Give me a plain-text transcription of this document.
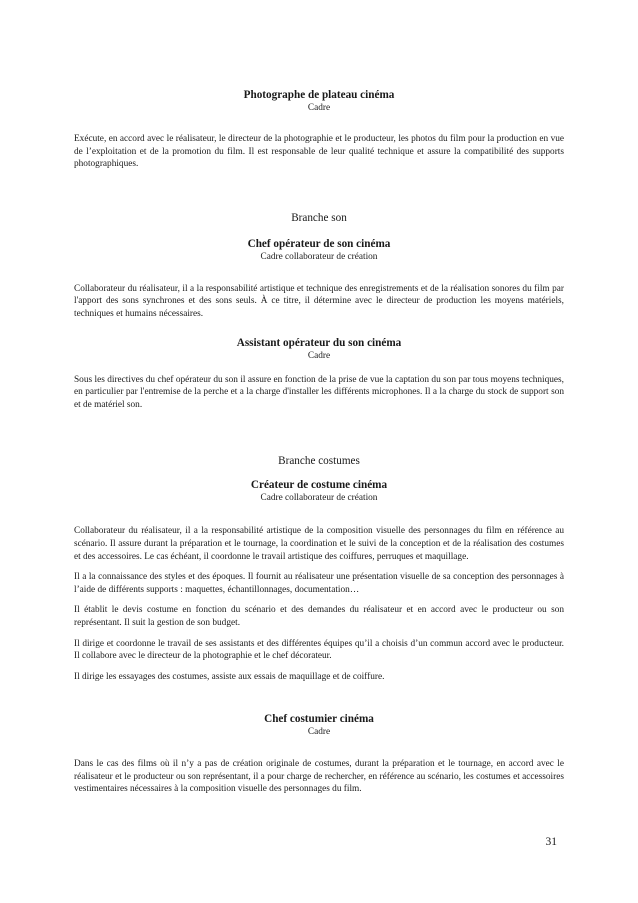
Photographe de plateau cinéma

Cadre

Exécute, en accord avec le réalisateur, le directeur de la photographie et le producteur, les photos du film pour la production en vue de l’exploitation et de la promotion du film. Il est responsable de leur qualité technique et assure la compatibilité des supports photographiques.

Branche son

Chef opérateur de son cinéma

Cadre collaborateur de création

Collaborateur du réalisateur, il a la responsabilité artistique et technique des enregistrements et de la réalisation sonores du film par l'apport des sons synchrones et des sons seuls. À ce titre, il détermine avec le directeur de production les moyens matériels, techniques et humains nécessaires.

Assistant opérateur du son cinéma

Cadre

Sous les directives du chef opérateur du son il assure en fonction de la prise de vue la captation du son par tous moyens techniques, en particulier par l'entremise de la perche et a la charge d'installer les différents microphones. Il a la charge du stock de support son et de matériel son.

Branche costumes

Créateur de costume cinéma

Cadre collaborateur de création

Collaborateur du réalisateur, il a la responsabilité artistique de la composition visuelle des personnages du film en référence au scénario. Il assure durant la préparation et le tournage, la coordination et le suivi de la conception et de la réalisation des costumes et des accessoires. Le cas échéant, il coordonne le travail artistique des coiffures, perruques et maquillage.

Il a la connaissance des styles et des époques. Il fournit au réalisateur une présentation visuelle de sa conception des personnages à l’aide de différents supports : maquettes, échantillonnages, documentation…

Il établit le devis costume en fonction du scénario et des demandes du réalisateur et en accord avec le producteur ou son représentant. Il suit la gestion de son budget.

Il dirige et coordonne le travail de ses assistants et des différentes équipes qu’il a choisis d’un commun accord avec le producteur. Il collabore avec le directeur de la photographie et le chef décorateur.

Il dirige les essayages des costumes, assiste aux essais de maquillage et de coiffure.

Chef costumier cinéma

Cadre

Dans le cas des films où il n’y a pas de création originale de costumes, durant la préparation et le tournage, en accord avec le réalisateur et le producteur ou son représentant, il a pour charge de rechercher, en référence au scénario, les costumes et accessoires vestimentaires nécessaires à la composition visuelle des personnages du film.

31
